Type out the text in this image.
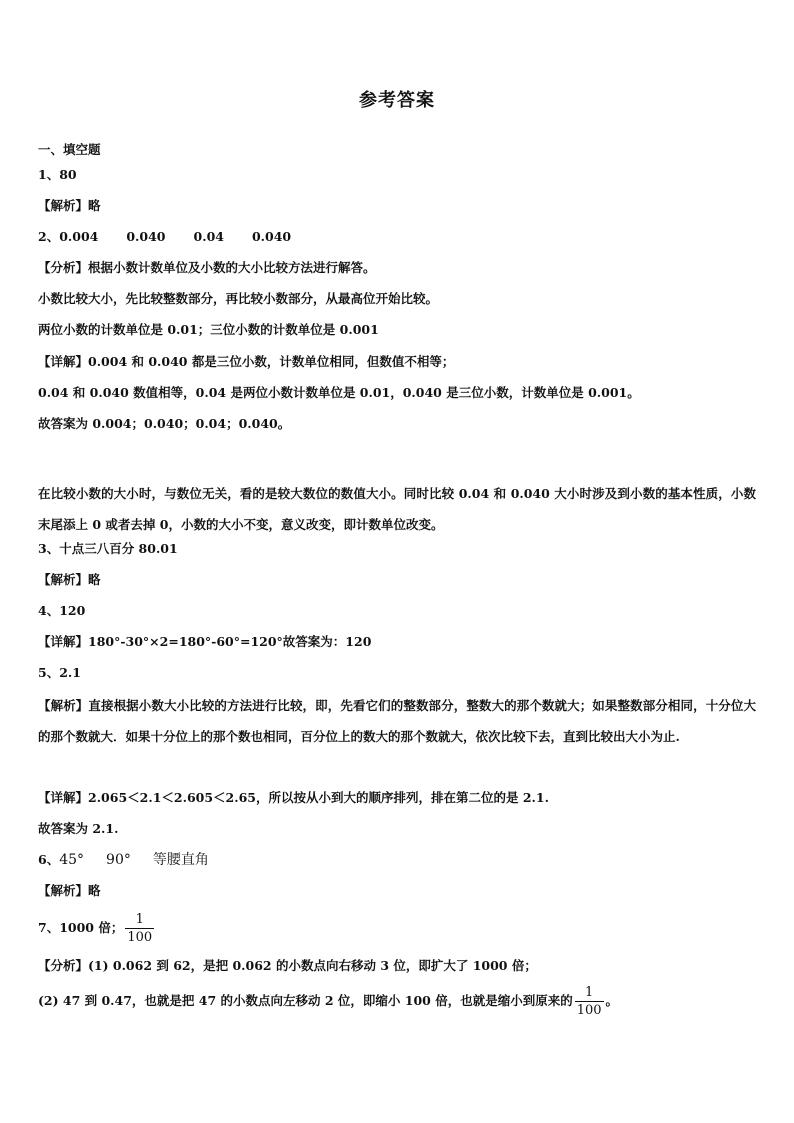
参考答案
一、填空题
1、80
【解析】略
2、0.004 0.040 0.04 0.040
【分析】根据小数计数单位及小数的大小比较方法进行解答。
小数比较大小，先比较整数部分，再比较小数部分，从最高位开始比较。
两位小数的计数单位是 0.01；三位小数的计数单位是 0.001
【详解】0.004 和 0.040 都是三位小数，计数单位相同，但数值不相等；
0.04 和 0.040 数值相等，0.04 是两位小数计数单位是 0.01，0.040 是三位小数，计数单位是 0.001。
故答案为 0.004；0.040；0.04；0.040。
在比较小数的大小时，与数位无关，看的是较大数位的数值大小。同时比较 0.04 和 0.040 大小时涉及到小数的基本性质，小数末尾添上 0 或者去掉 0，小数的大小不变，意义改变，即计数单位改变。
3、十点三八百分 80.01
【解析】略
4、120
【详解】180°-30°×2=180°-60°=120°故答案为：120
5、2.1
【解析】直接根据小数大小比较的方法进行比较，即，先看它们的整数部分，整数大的那个数就大；如果整数部分相同，十分位大的那个数就大．如果十分位上的那个数也相同，百分位上的数大的那个数就大，依次比较下去，直到比较出大小为止.
【详解】2.065＜2.1＜2.605＜2.65，所以按从小到大的顺序排列，排在第二位的是 2.1.
故答案为 2.1.
6、45° 90° 等腰直角
【解析】略
7、1000 倍； $\frac{1}{100}$
【分析】(1) 0.062 到 62，是把 0.062 的小数点向右移动 3 位，即扩大了 1000 倍；
(2) 47 到 0.47，也就是把 47 的小数点向左移动 2 位，即缩小 100 倍，也就是缩小到原来的 $\frac{1}{100}$ 。
